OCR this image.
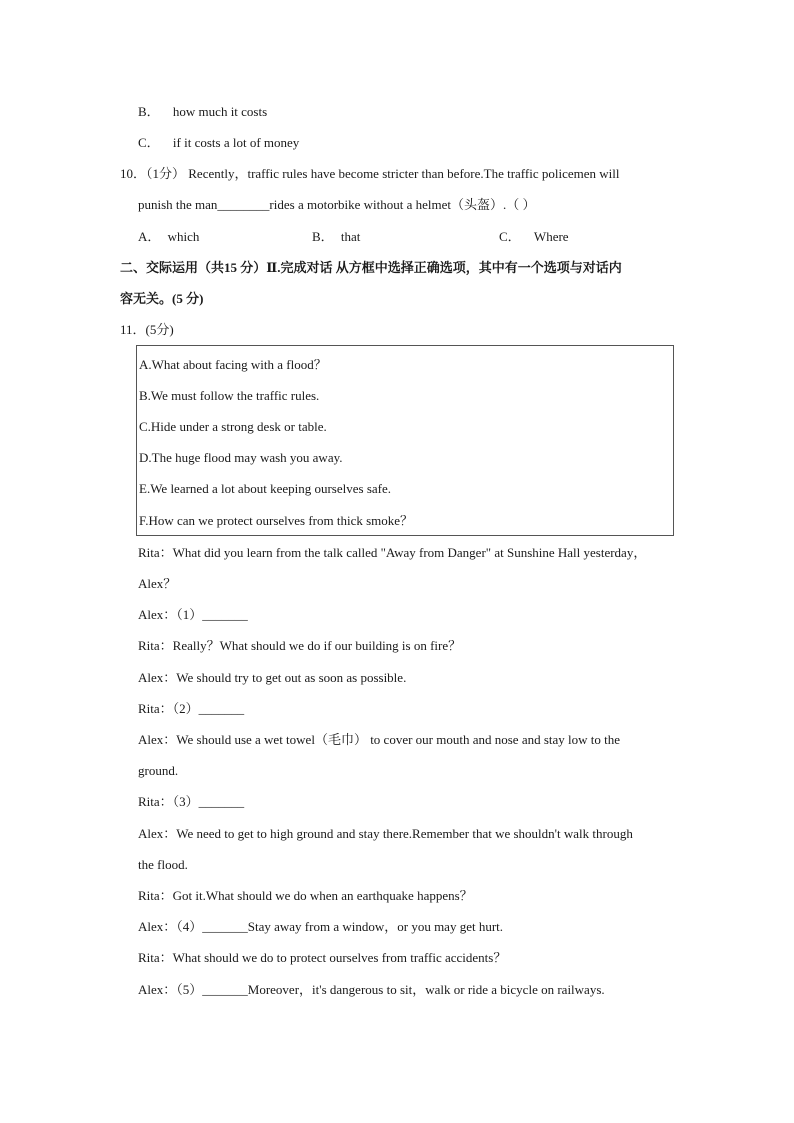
B． how much it costs
C． if it costs a lot of money
10．（1分） Recently，traffic rules have become stricter than before.The traffic policemen will
punish the man________rides a motorbike without a helmet（头盔）.（ ）
A． which	B． that	C． Where
二、交际运用（共15 分）Ⅱ.完成对话 从方框中选择正确选项，其中有一个选项与对话内
容无关。(5 分)
11．(5分)
A.What about facing with a flood？
B.We must follow the traffic rules.
C.Hide under a strong desk or table.
D.The huge flood may wash you away.
E.We learned a lot about keeping ourselves safe.
F.How can we protect ourselves from thick smoke？
Rita：What did you learn from the talk called "Away from Danger" at Sunshine Hall yesterday，
Alex？
Alex：（1）_______
Rita：Really？What should we do if our building is on fire？
Alex：We should try to get out as soon as possible.
Rita：（2）_______
Alex：We should use a wet towel（毛巾） to cover our mouth and nose and stay low to the
ground.
Rita：（3）_______
Alex：We need to get to high ground and stay there.Remember that we shouldn't walk through
the flood.
Rita：Got it.What should we do when an earthquake happens？
Alex：（4）_______Stay away from a window，or you may get hurt.
Rita：What should we do to protect ourselves from traffic accidents？
Alex：（5）_______Moreover，it's dangerous to sit，walk or ride a bicycle on railways.
